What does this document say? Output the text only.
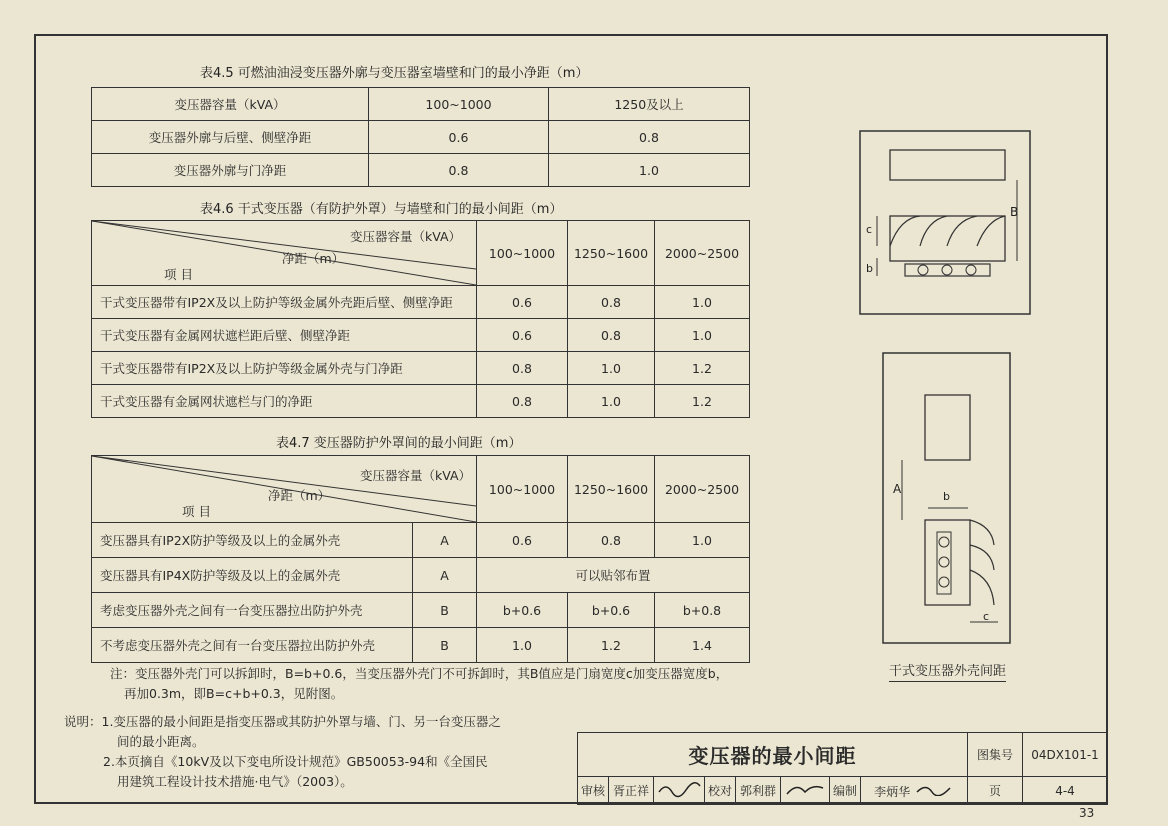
表4.5 可燃油油浸变压器外廓与变压器室墙壁和门的最小净距（m）
变压器容量（kVA）	100~1000	1250及以上
变压器外廓与后壁、侧壁净距	0.6	0.8
变压器外廓与门净距	0.8	1.0
表4.6 干式变压器（有防护外罩）与墙壁和门的最小间距（m）
变压器容量（kVA）
净距（m）
项 目	100~1000	1250~1600	2000~2500
干式变压器带有IP2X及以上防护等级金属外壳距后壁、侧壁净距	0.6	0.8	1.0
干式变压器有金属网状遮栏距后壁、侧壁净距	0.6	0.8	1.0
干式变压器带有IP2X及以上防护等级金属外壳与门净距	0.8	1.0	1.2
干式变压器有金属网状遮栏与门的净距	0.8	1.0	1.2
表4.7 变压器防护外罩间的最小间距（m）
变压器容量（kVA）
净距（m）
项 目		100~1000	1250~1600	2000~2500
变压器具有IP2X防护等级及以上的金属外壳	A	0.6	0.8	1.0
变压器具有IP4X防护等级及以上的金属外壳	A	可以贴邻布置		
考虑变压器外壳之间有一台变压器拉出防护外壳	B	b+0.6	b+0.6	b+0.8
不考虑变压器外壳之间有一台变压器拉出防护外壳	B	1.0	1.2	1.4
注：变压器外壳门可以拆卸时，B=b+0.6，当变压器外壳门不可拆卸时，其B值应是门扇宽度c加变压器宽度b，
再加0.3m，即B=c+b+0.3，见附图。
说明：1.变压器的最小间距是指变压器或其防护外罩与墙、门、另一台变压器之
间的最小距离。
2.本页摘自《10kV及以下变电所设计规范》GB50053-94和《全国民
用建筑工程设计技术措施·电气》（2003）。
c
b
B
A
b
c
干式变压器外壳间距
变压器的最小间距								图集号	04DX101-1
审核	胥正祥		校对	郭利群		编制	李炳华	页	4-4
33
